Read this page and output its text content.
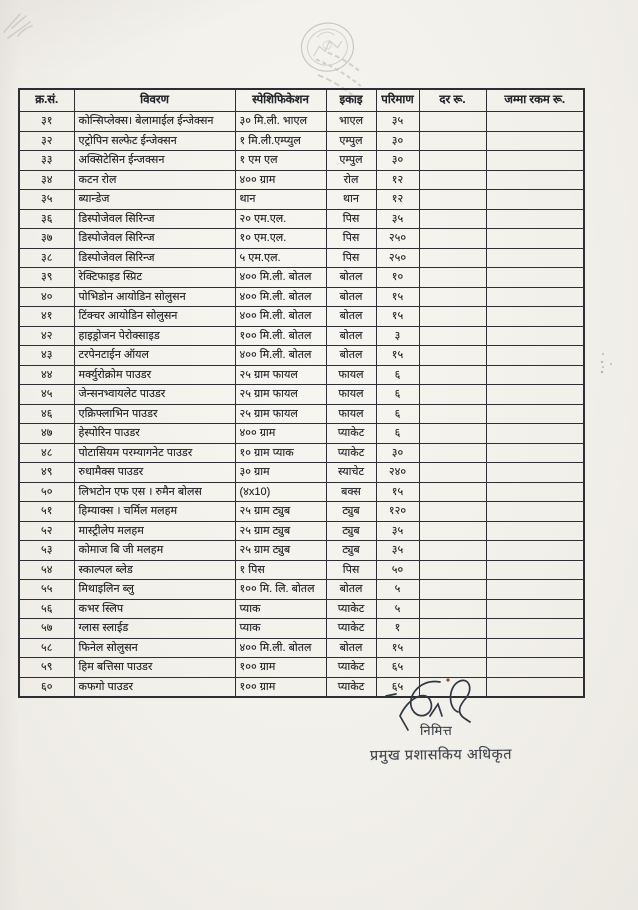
क्र.सं.	विवरण	स्पेशिफिकेशन	इकाइ	परिमाण	दर रू.	जम्मा रकम रू.
३१	कोन्सिप्लेक्स। बेलामाईल ईन्जेक्सन	३० मि.ली. भाएल	भाएल	३५		
३२	एट्रोपिन सल्फेट ईन्जेक्सन	१ मि.ली.एम्प्युल	एम्पुल	३०		
३३	अक्सिटेसिन ईन्जक्सन	१ एम एल	एम्पुल	३०		
३४	कटन रोल	४०० ग्राम	रोल	१२		
३५	ब्यान्डेज	थान	थान	१२		
३६	डिस्पोजेवल सिरिन्ज	२० एम.एल.	पिस	३५		
३७	डिस्पोजेवल सिरिन्ज	१० एम.एल.	पिस	२५०		
३८	डिस्पोजेवल सिरिन्ज	५ एम.एल.	पिस	२५०		
३९	रेक्टिफाइड स्प्रिट	४०० मि.ली. बोतल	बोतल	१०		
४०	पोभिडोन आयोडिन सोलुसन	४०० मि.ली. बोतल	बोतल	१५		
४१	टिंक्चर आयोडिन सोलुसन	४०० मि.ली. बोतल	बोतल	१५		
४२	हाइड्रोजन पेरोक्साइड	१०० मि.ली. बोतल	बोतल	३		
४३	टरपेनटाईन ऑयल	४०० मि.ली. बोतल	बोतल	१५		
४४	मर्क्युरोक्रोम पाउडर	२५ ग्राम फायल	फायल	६		
४५	जेन्सनभ्वायलेट पाउडर	२५ ग्राम फायल	फायल	६		
४६	एक्रिफ्लाभिन पाउडर	२५ ग्राम फायल	फायल	६		
४७	हेस्पोरिन पाउडर	४०० ग्राम	प्याकेट	६		
४८	पोटासियम परम्यागनेट पाउडर	१० ग्राम प्याक	प्याकेट	३०		
४९	रुधामैक्स पाउडर	३० ग्राम	स्याचेट	२४०		
५०	लिभटोन एफ एस । रुमैन बोलस	(४x10)	बक्स	१५		
५१	हिम्याक्स । चर्मिल मलहम	२५ ग्राम ट्युब	ट्युब	१२०		
५२	मास्ट्रीलेप मलहम	२५ ग्राम ट्युब	ट्युब	३५		
५३	कोमाज बि जी मलहम	२५ ग्राम ट्युब	ट्युब	३५		
५४	स्काल्पल ब्लेड	१ पिस	पिस	५०		
५५	मिथाइलिन ब्लु	१०० मि. लि. बोतल	बोतल	५		
५६	कभर स्लिप	प्याक	प्याकेट	५		
५७	ग्लास स्लाईड	प्याक	प्याकेट	१		
५८	फिनेल सोलुसन	४०० मि.ली. बोतल	बोतल	१५		
५९	हिम बत्तिसा पाउडर	१०० ग्राम	प्याकेट	६५		
६०	कफगो पाउडर	१०० ग्राम	प्याकेट	६५		
निमित्त
प्रमुख प्रशासकिय अधिकृत
